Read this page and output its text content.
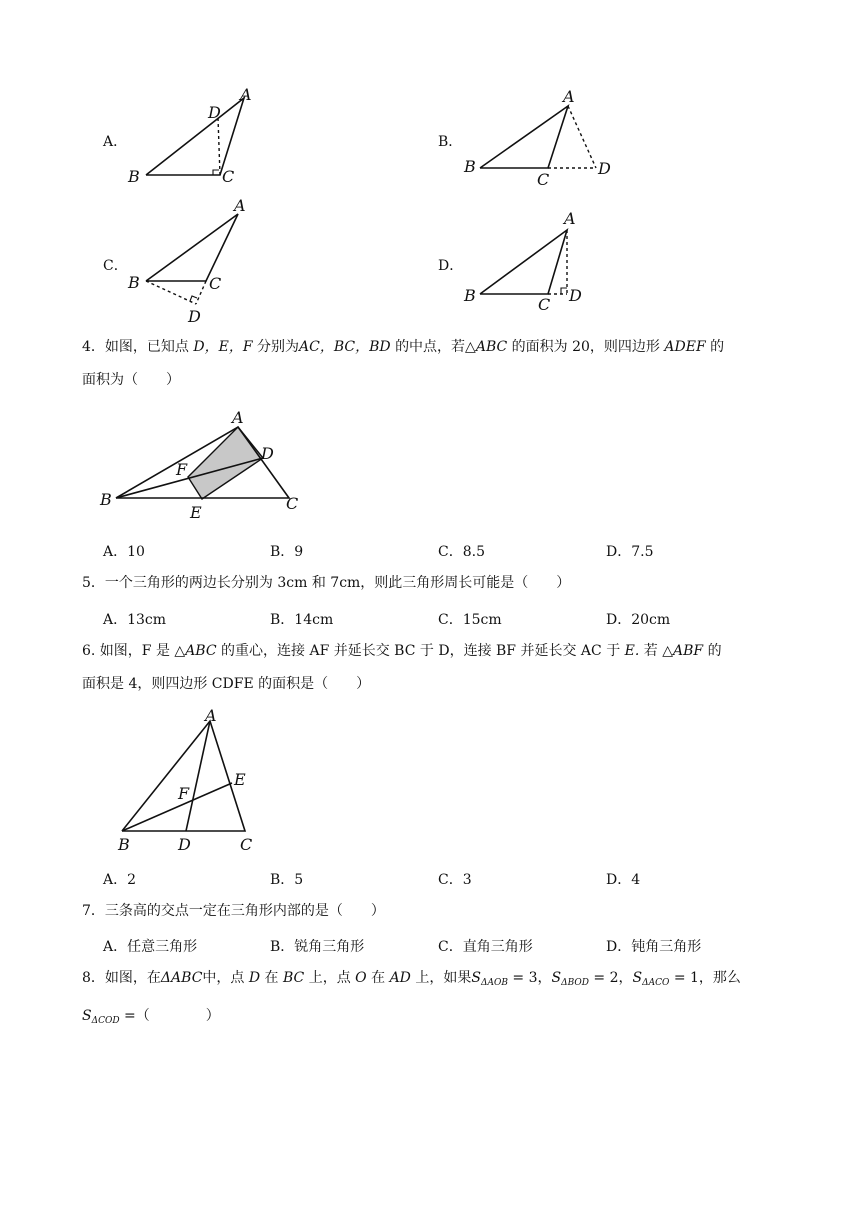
A．
A
D
B	C
B．
A
B
C
D
C．
A
B	C
D
D．
A
B	C D
4．如图，已知点 D，E，F 分别为AC，BC，BD 的中点，若△ABC 的面积为 20，则四边形 ADEF 的
面积为（　　）
A
B	C
D
E
F
A．10	B．9	C．8.5	D．7.5
5．一个三角形的两边长分别为 3cm 和 7cm，则此三角形周长可能是（　　）
A．13cm	B．14cm	C．15cm	D．20cm
6. 如图，F 是 △ABC 的重心，连接 AF 并延长交 BC 于 D，连接 BF 并延长交 AC 于 E. 若 △ABF 的
面积是 4，则四边形 CDFE 的面积是（　　）
A
B	C
D
E
F
A．2	B．5	C．3	D．4
7．三条高的交点一定在三角形内部的是（　　）
A．任意三角形	B．锐角三角形	C．直角三角形	D．钝角三角形
8．如图，在ΔABC中，点 D 在 BC 上，点 O 在 AD 上，如果$S_{\Delta AOB} = 3$，$S_{\Delta BOD} = 2$，$S_{\Delta ACO} = 1$，那么
$S_{\Delta COD}$ =（　　　　）
